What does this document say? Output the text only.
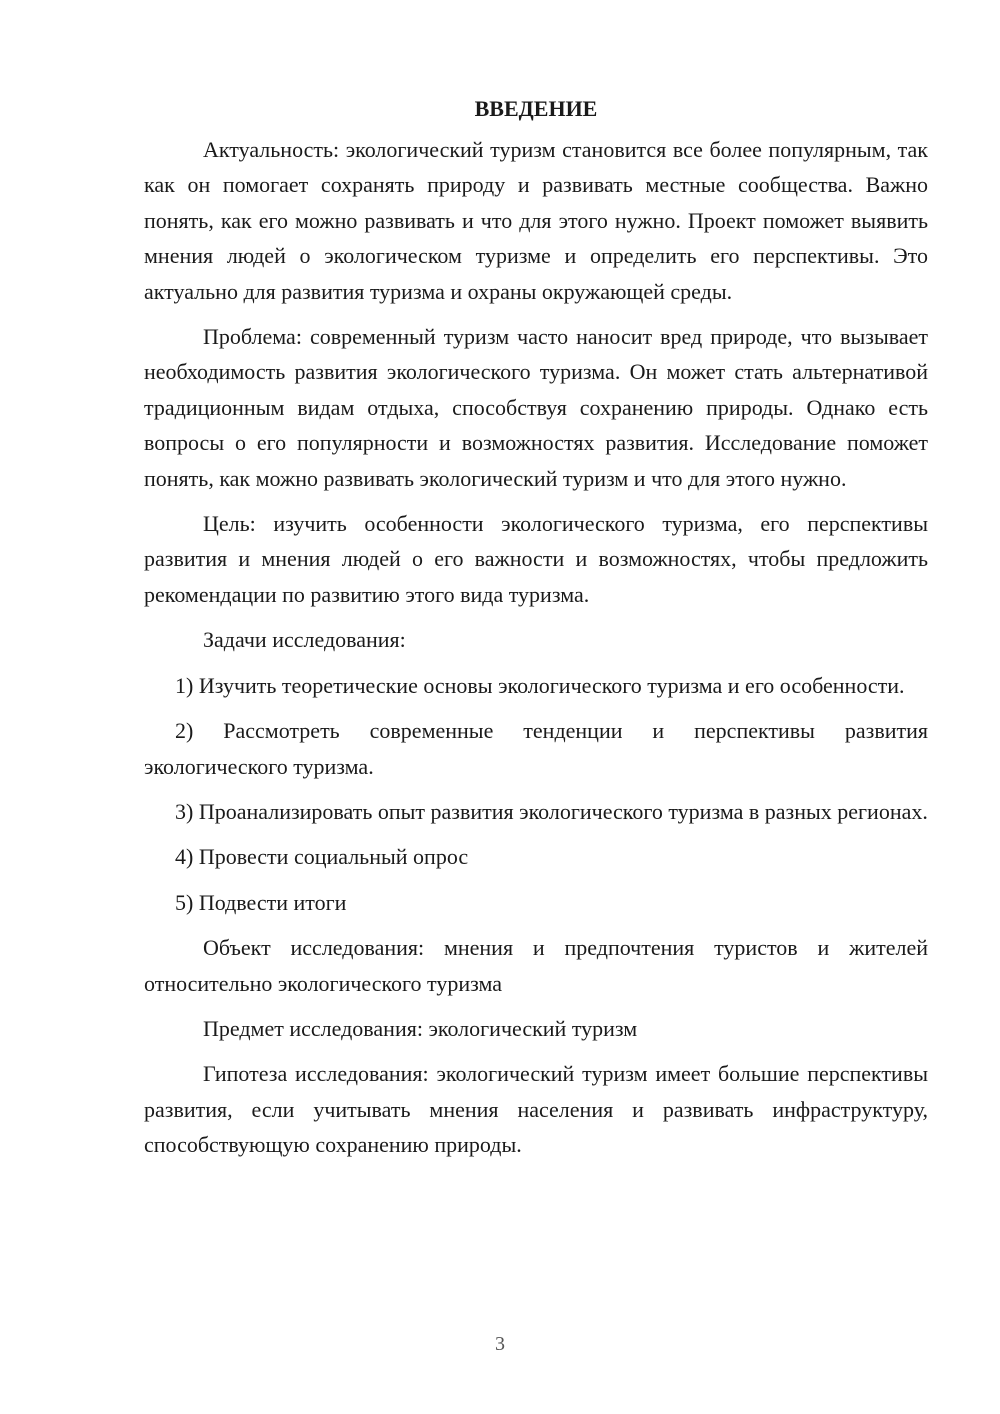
ВВЕДЕНИЕ

Актуальность: экологический туризм становится все более популярным, так как он помогает сохранять природу и развивать местные сообщества. Важно понять, как его можно развивать и что для этого нужно. Проект поможет выявить мнения людей о экологическом туризме и определить его перспективы. Это актуально для развития туризма и охраны окружающей среды.

Проблема: современный туризм часто наносит вред природе, что вызывает необходимость развития экологического туризма. Он может стать альтернативой традиционным видам отдыха, способствуя сохранению природы. Однако есть вопросы о его популярности и возможностях развития. Исследование поможет понять, как можно развивать экологический туризм и что для этого нужно.

Цель: изучить особенности экологического туризма, его перспективы развития и мнения людей о его важности и возможностях, чтобы предложить рекомендации по развитию этого вида туризма.

Задачи исследования:

1) Изучить теоретические основы экологического туризма и его особенности.

2) Рассмотреть современные тенденции и перспективы развития экологического туризма.

3) Проанализировать опыт развития экологического туризма в разных регионах.

4) Провести социальный опрос

5) Подвести итоги

Объект исследования: мнения и предпочтения туристов и жителей относительно экологического туризма

Предмет исследования: экологический туризм

Гипотеза исследования: экологический туризм имеет большие перспективы развития, если учитывать мнения населения и развивать инфраструктуру, способствующую сохранению природы.

3
